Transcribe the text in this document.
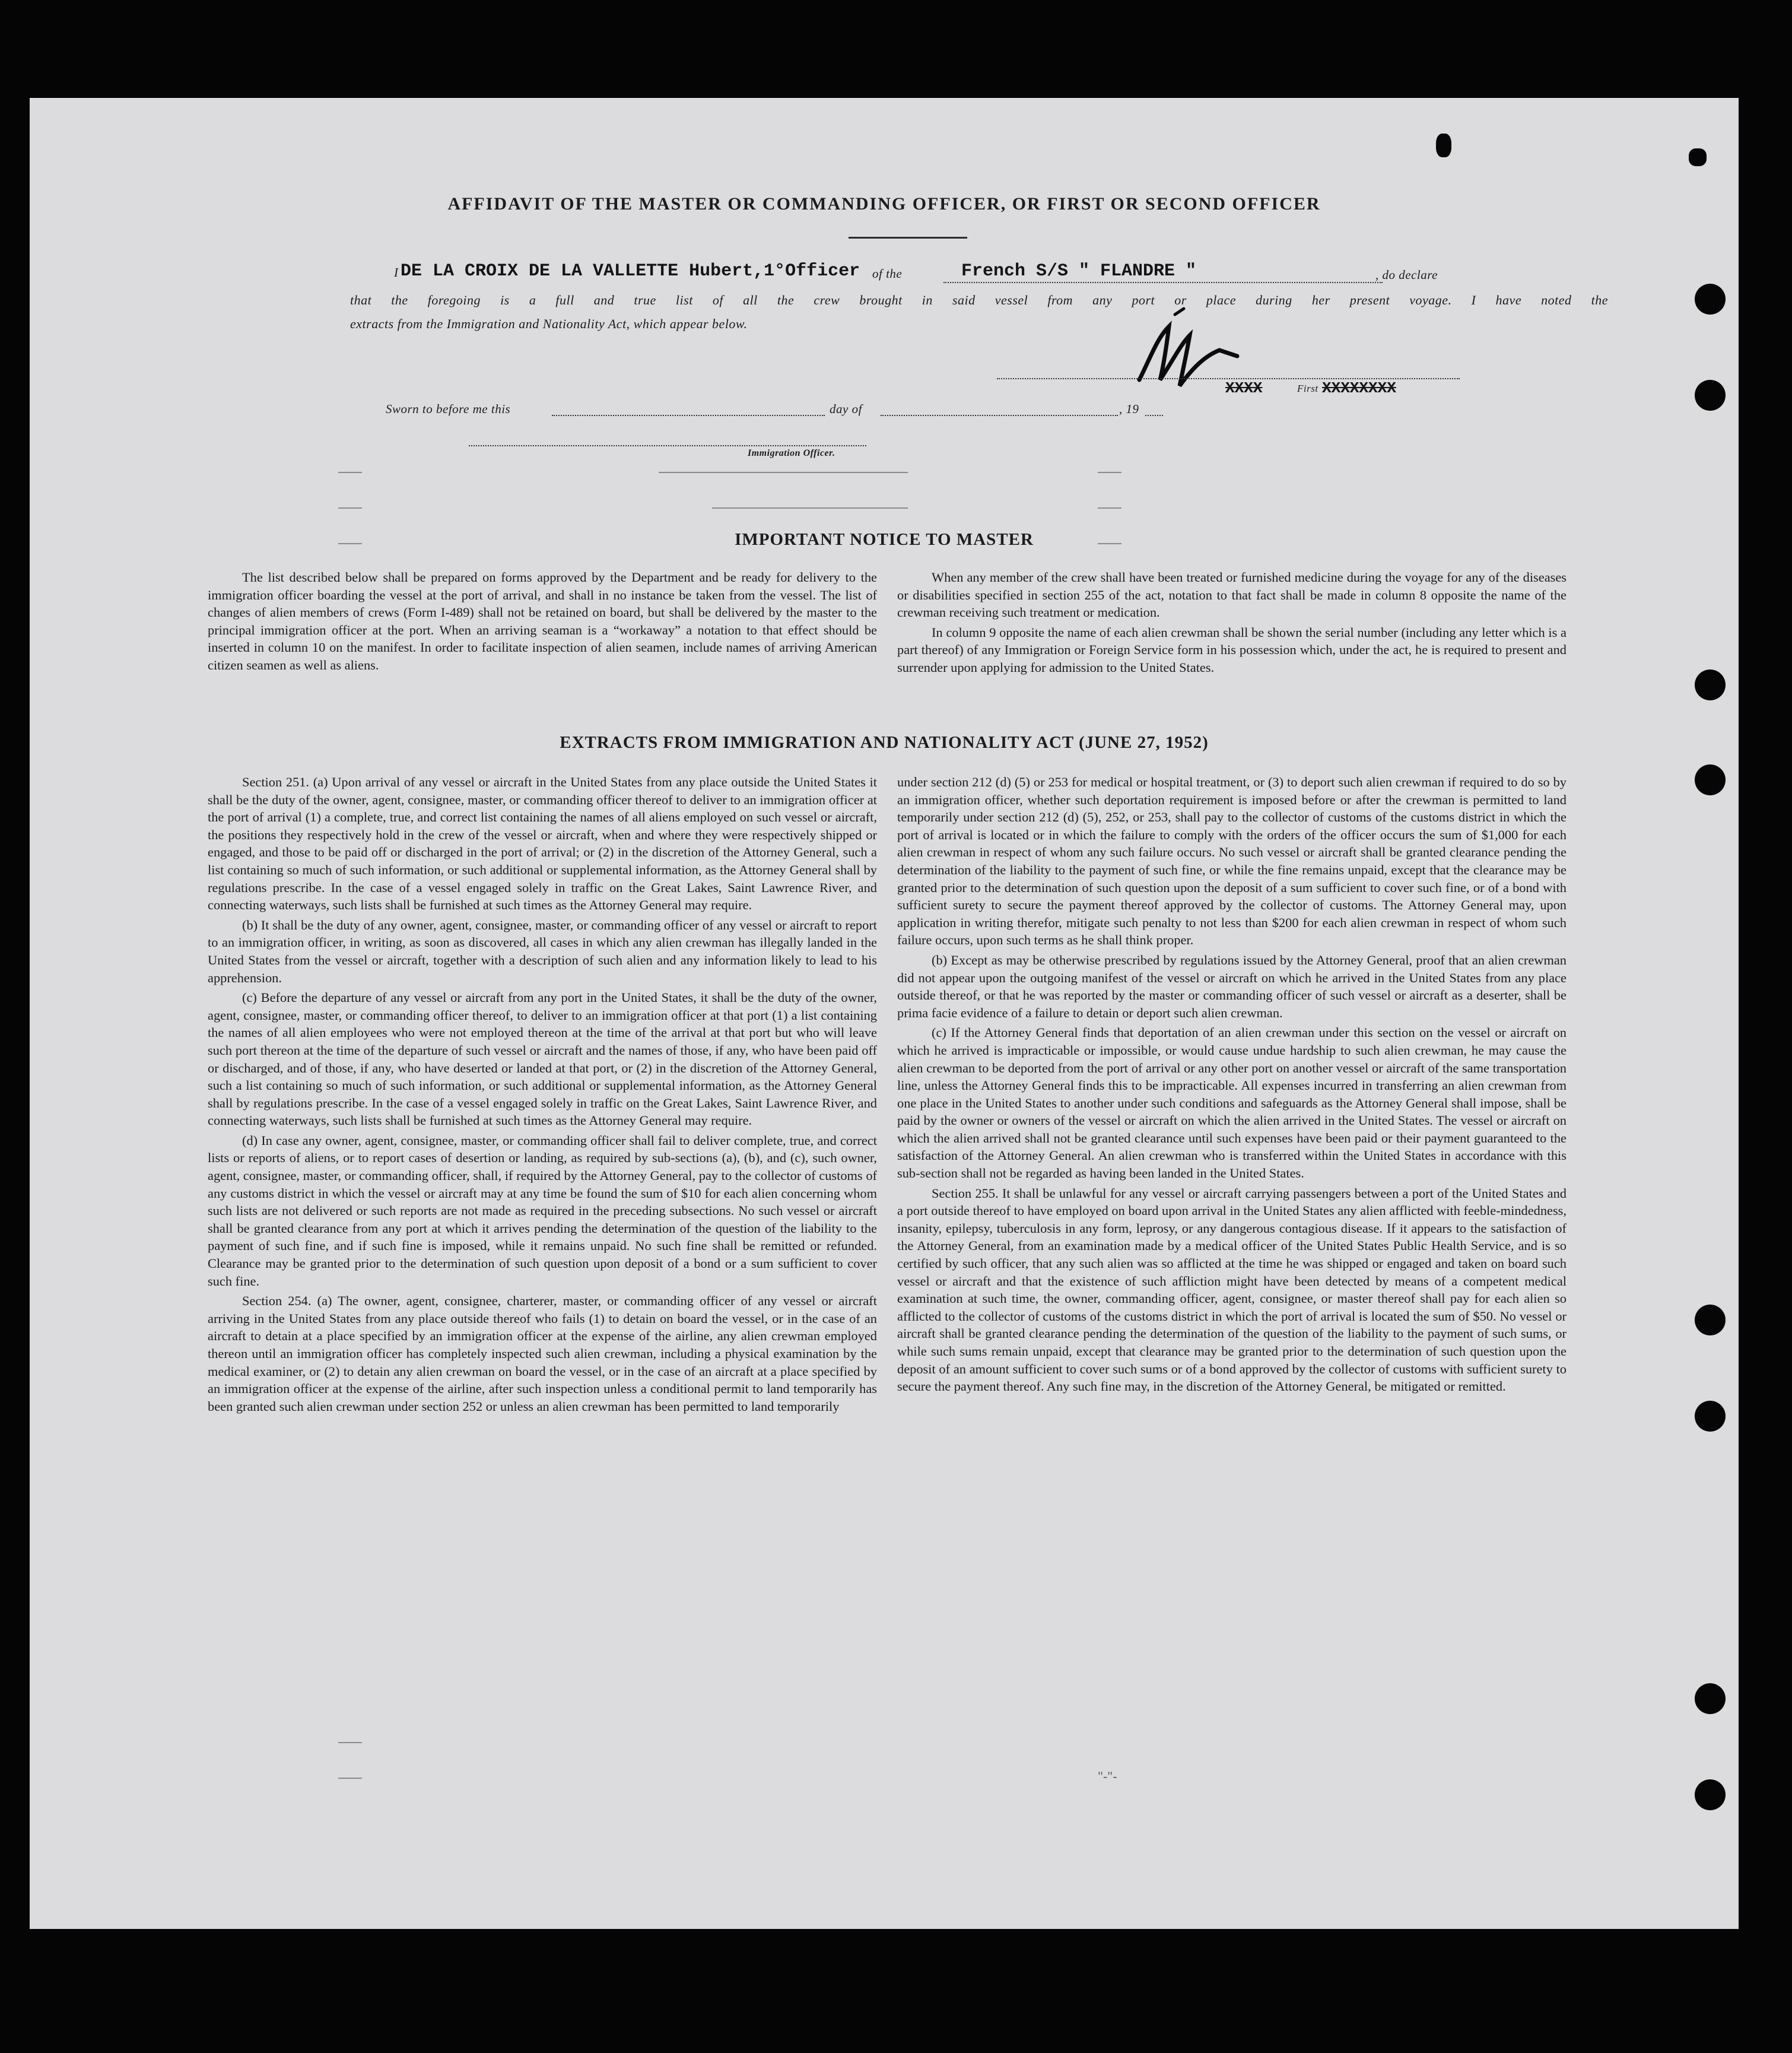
AFFIDAVIT OF THE MASTER OR COMMANDING OFFICER, OR FIRST OR SECOND OFFICER
I DE LA CROIX DE LA VALLETTE Hubert,1°Officer of the	French S/S " FLANDRE "	, do declare
that the foregoing is a full and true list of all the crew brought in said vessel from any port or place during her present voyage. I have noted the
extracts from the Immigration and Nationality Act, which appear below.
XXXX	First XXXXXXXX
Sworn to before me this	day of	, 19
Immigration Officer.
IMPORTANT NOTICE TO MASTER

The list described below shall be prepared on forms approved by the Department and be ready for delivery to the immigration officer boarding the vessel at the port of arrival, and shall in no instance be taken from the vessel. The list of changes of alien members of crews (Form I-489) shall not be retained on board, but shall be delivered by the master to the principal immigration officer at the port. When an arriving seaman is a “workaway” a notation to that effect should be inserted in column 10 on the manifest. In order to facilitate inspection of alien seamen, include names of arriving American citizen seamen as well as aliens.

When any member of the crew shall have been treated or furnished medicine during the voyage for any of the diseases or disabilities specified in section 255 of the act, notation to that fact shall be made in column 8 opposite the name of the crewman receiving such treatment or medication.

In column 9 opposite the name of each alien crewman shall be shown the serial number (including any letter which is a part thereof) of any Immigration or Foreign Service form in his possession which, under the act, he is required to present and surrender upon applying for admission to the United States.

EXTRACTS FROM IMMIGRATION AND NATIONALITY ACT (JUNE 27, 1952)

Section 251. (a) Upon arrival of any vessel or aircraft in the United States from any place outside the United States it shall be the duty of the owner, agent, consignee, master, or commanding officer thereof to deliver to an immigration officer at the port of arrival (1) a complete, true, and correct list containing the names of all aliens employed on such vessel or aircraft, the positions they respectively hold in the crew of the vessel or aircraft, when and where they were respectively shipped or engaged, and those to be paid off or discharged in the port of arrival; or (2) in the discretion of the Attorney General, such a list containing so much of such information, or such additional or supplemental information, as the Attorney General shall by regulations prescribe. In the case of a vessel engaged solely in traffic on the Great Lakes, Saint Lawrence River, and connecting waterways, such lists shall be furnished at such times as the Attorney General may require.

(b) It shall be the duty of any owner, agent, consignee, master, or commanding officer of any vessel or aircraft to report to an immigration officer, in writing, as soon as discovered, all cases in which any alien crewman has illegally landed in the United States from the vessel or aircraft, together with a description of such alien and any information likely to lead to his apprehension.

(c) Before the departure of any vessel or aircraft from any port in the United States, it shall be the duty of the owner, agent, consignee, master, or commanding officer thereof, to deliver to an immigration officer at that port (1) a list containing the names of all alien employees who were not employed thereon at the time of the arrival at that port but who will leave such port thereon at the time of the departure of such vessel or aircraft and the names of those, if any, who have been paid off or discharged, and of those, if any, who have deserted or landed at that port, or (2) in the discretion of the Attorney General, such a list containing so much of such information, or such additional or supplemental information, as the Attorney General shall by regulations prescribe. In the case of a vessel engaged solely in traffic on the Great Lakes, Saint Lawrence River, and connecting waterways, such lists shall be furnished at such times as the Attorney General may require.

(d) In case any owner, agent, consignee, master, or commanding officer shall fail to deliver complete, true, and correct lists or reports of aliens, or to report cases of desertion or landing, as required by sub-sections (a), (b), and (c), such owner, agent, consignee, master, or commanding officer, shall, if required by the Attorney General, pay to the collector of customs of any customs district in which the vessel or aircraft may at any time be found the sum of $10 for each alien concerning whom such lists are not delivered or such reports are not made as required in the preceding subsections. No such vessel or aircraft shall be granted clearance from any port at which it arrives pending the determination of the question of the liability to the payment of such fine, and if such fine is imposed, while it remains unpaid. No such fine shall be remitted or refunded. Clearance may be granted prior to the determination of such question upon deposit of a bond or a sum sufficient to cover such fine.

Section 254. (a) The owner, agent, consignee, charterer, master, or commanding officer of any vessel or aircraft arriving in the United States from any place outside thereof who fails (1) to detain on board the vessel, or in the case of an aircraft to detain at a place specified by an immigration officer at the expense of the airline, any alien crewman employed thereon until an immigration officer has completely inspected such alien crewman, including a physical examination by the medical examiner, or (2) to detain any alien crewman on board the vessel, or in the case of an aircraft at a place specified by an immigration officer at the expense of the airline, after such inspection unless a conditional permit to land temporarily has been granted such alien crewman under section 252 or unless an alien crewman has been permitted to land temporarily

under section 212 (d) (5) or 253 for medical or hospital treatment, or (3) to deport such alien crewman if required to do so by an immigration officer, whether such deportation requirement is imposed before or after the crewman is permitted to land temporarily under section 212 (d) (5), 252, or 253, shall pay to the collector of customs of the customs district in which the port of arrival is located or in which the failure to comply with the orders of the officer occurs the sum of $1,000 for each alien crewman in respect of whom any such failure occurs. No such vessel or aircraft shall be granted clearance pending the determination of the liability to the payment of such fine, or while the fine remains unpaid, except that the clearance may be granted prior to the determination of such question upon the deposit of a sum sufficient to cover such fine, or of a bond with sufficient surety to secure the payment thereof approved by the collector of customs. The Attorney General may, upon application in writing therefor, mitigate such penalty to not less than $200 for each alien crewman in respect of whom such failure occurs, upon such terms as he shall think proper.

(b) Except as may be otherwise prescribed by regulations issued by the Attorney General, proof that an alien crewman did not appear upon the outgoing manifest of the vessel or aircraft on which he arrived in the United States from any place outside thereof, or that he was reported by the master or commanding officer of such vessel or aircraft as a deserter, shall be prima facie evidence of a failure to detain or deport such alien crewman.

(c) If the Attorney General finds that deportation of an alien crewman under this section on the vessel or aircraft on which he arrived is impracticable or impossible, or would cause undue hardship to such alien crewman, he may cause the alien crewman to be deported from the port of arrival or any other port on another vessel or aircraft of the same transportation line, unless the Attorney General finds this to be impracticable. All expenses incurred in transferring an alien crewman from one place in the United States to another under such conditions and safeguards as the Attorney General shall impose, shall be paid by the owner or owners of the vessel or aircraft on which the alien arrived in the United States. The vessel or aircraft on which the alien arrived shall not be granted clearance until such expenses have been paid or their payment guaranteed to the satisfaction of the Attorney General. An alien crewman who is transferred within the United States in accordance with this sub-section shall not be regarded as having been landed in the United States.

Section 255. It shall be unlawful for any vessel or aircraft carrying passengers between a port of the United States and a port outside thereof to have employed on board upon arrival in the United States any alien afflicted with feeble-mindedness, insanity, epilepsy, tuberculosis in any form, leprosy, or any dangerous contagious disease. If it appears to the satisfaction of the Attorney General, from an examination made by a medical officer of the United States Public Health Service, and is so certified by such officer, that any such alien was so afflicted at the time he was shipped or engaged and taken on board such vessel or aircraft and that the existence of such affliction might have been detected by means of a competent medical examination at such time, the owner, commanding officer, agent, consignee, or master thereof shall pay for each alien so afflicted to the collector of customs of the customs district in which the port of arrival is located the sum of $50. No vessel or aircraft shall be granted clearance pending the determination of the question of the liability to the payment of such sums, or while such sums remain unpaid, except that clearance may be granted prior to the determination of such question upon the deposit of an amount sufficient to cover such sums or of a bond approved by the collector of customs with sufficient surety to secure the payment thereof. Any such fine may, in the discretion of the Attorney General, be mitigated or remitted.

"-"-
